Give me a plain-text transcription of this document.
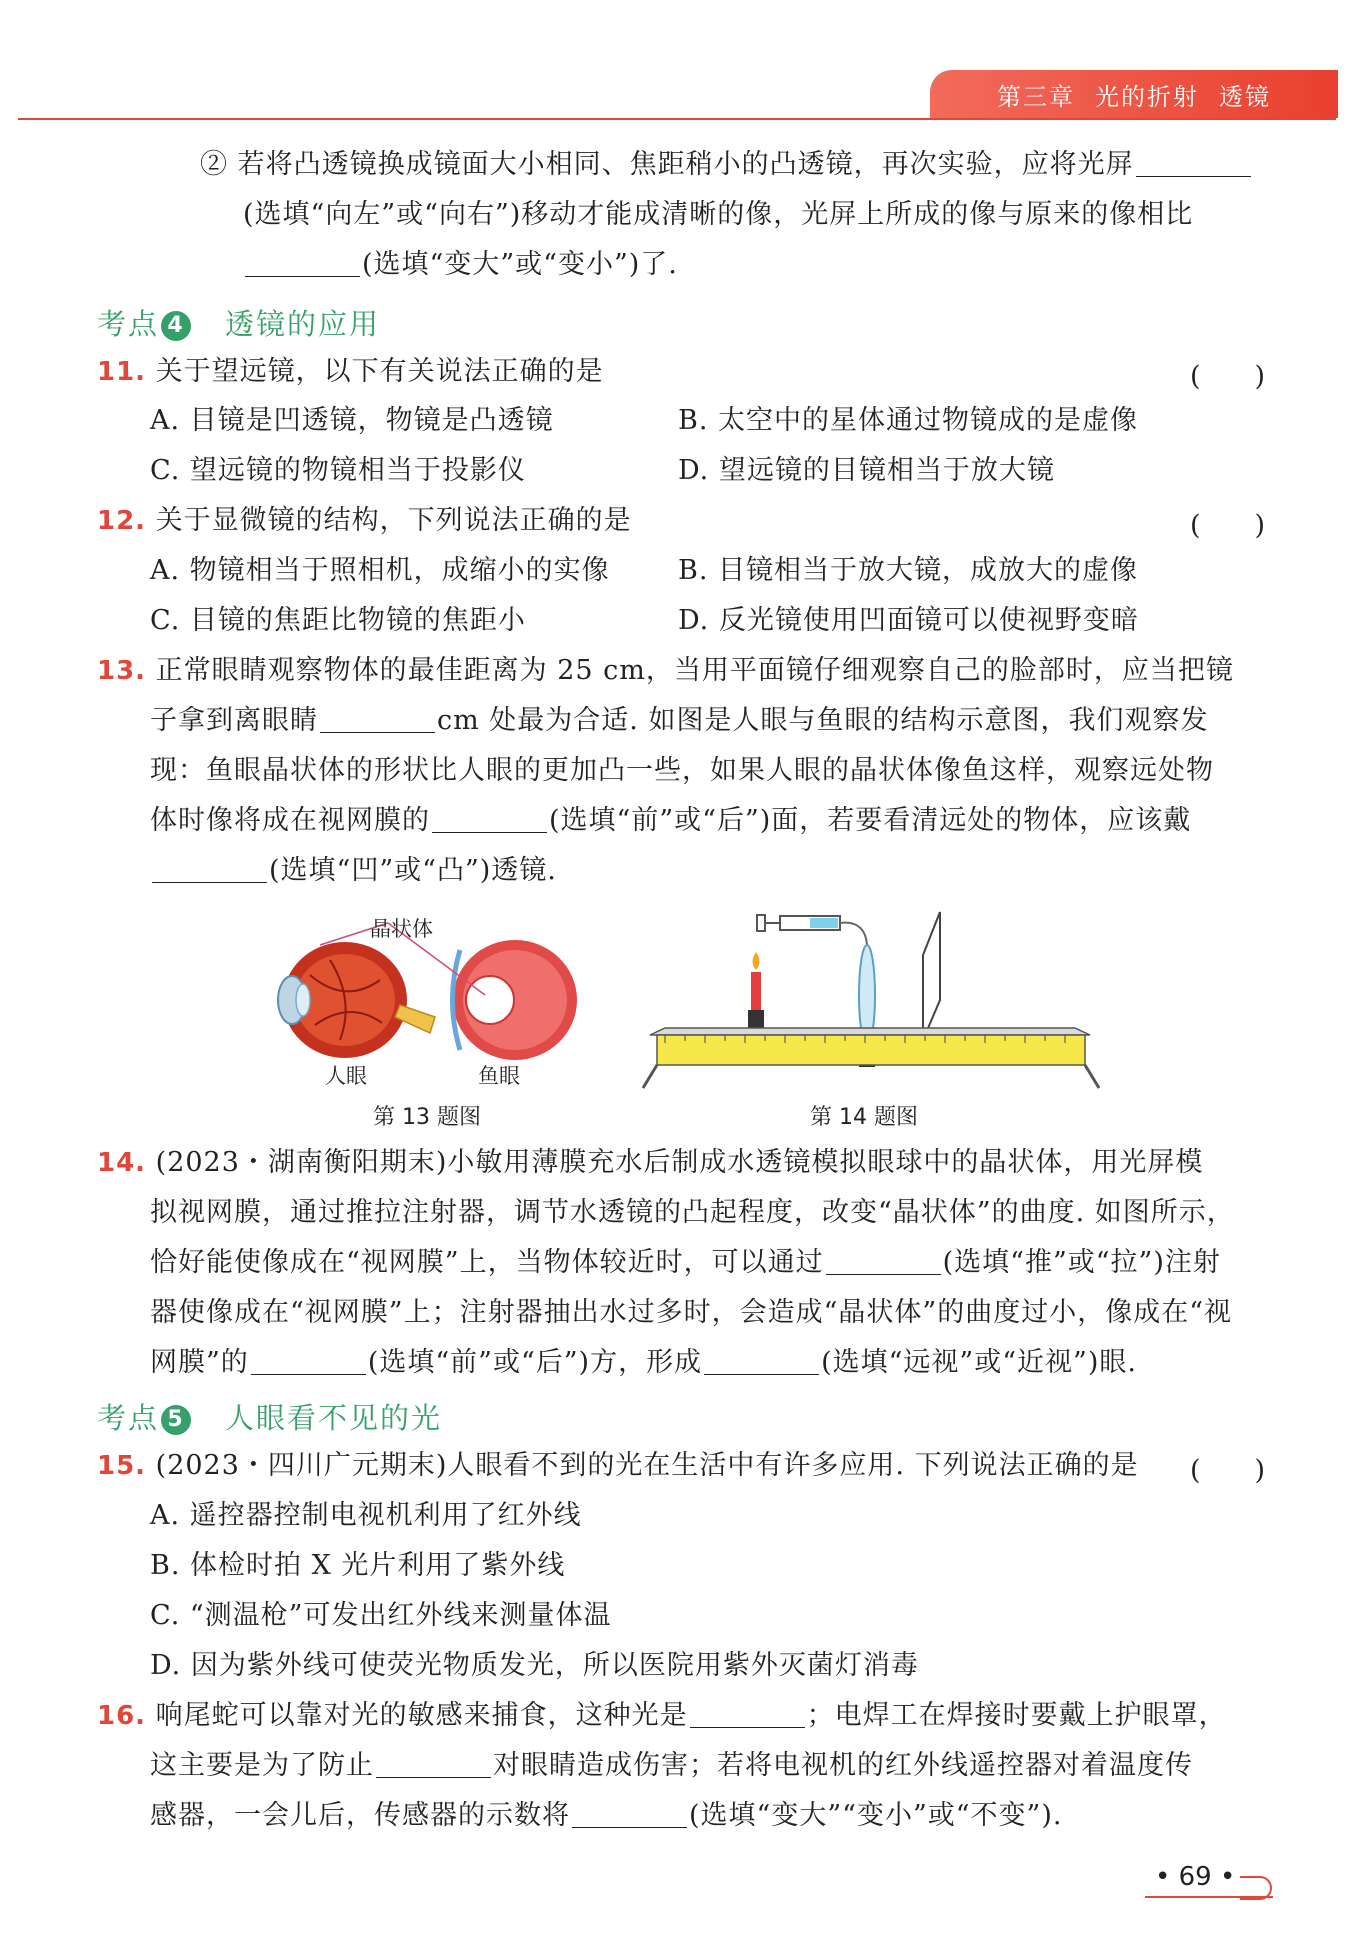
第三章 光的折射 透镜
② 若将凸透镜换成镜面大小相同、焦距稍小的凸透镜，再次实验，应将光屏
(选填“向左”或“向右”)移动才能成清晰的像，光屏上所成的像与原来的像相比
(选填“变大”或“变小”)了.
考点 4 透镜的应用
11. 关于望远镜，以下有关说法正确的是	(　　)
A. 目镜是凹透镜，物镜是凸透镜	B. 太空中的星体通过物镜成的是虚像
C. 望远镜的物镜相当于投影仪	D. 望远镜的目镜相当于放大镜
12. 关于显微镜的结构，下列说法正确的是	(　　)
A. 物镜相当于照相机，成缩小的实像	B. 目镜相当于放大镜，成放大的虚像
C. 目镜的焦距比物镜的焦距小	D. 反光镜使用凹面镜可以使视野变暗
13. 正常眼睛观察物体的最佳距离为 25 cm，当用平面镜仔细观察自己的脸部时，应当把镜
子拿到离眼睛	cm 处最为合适. 如图是人眼与鱼眼的结构示意图，我们观察发
现：鱼眼晶状体的形状比人眼的更加凸一些，如果人眼的晶状体像鱼这样，观察远处物
体时像将成在视网膜的	(选填“前”或“后”)面，若要看清远处的物体，应该戴
(选填“凹”或“凸”)透镜.
晶状体
人眼	鱼眼
第 13 题图	第 14 题图
14. (2023・湖南衡阳期末)小敏用薄膜充水后制成水透镜模拟眼球中的晶状体，用光屏模
拟视网膜，通过推拉注射器，调节水透镜的凸起程度，改变“晶状体”的曲度. 如图所示，
恰好能使像成在“视网膜”上，当物体较近时，可以通过	(选填“推”或“拉”)注射
器使像成在“视网膜”上；注射器抽出水过多时，会造成“晶状体”的曲度过小，像成在“视
网膜”的	(选填“前”或“后”)方，形成	(选填“远视”或“近视”)眼.
考点 5 人眼看不见的光
15. (2023・四川广元期末)人眼看不到的光在生活中有许多应用. 下列说法正确的是 (　　)
A. 遥控器控制电视机利用了红外线
B. 体检时拍 X 光片利用了紫外线
C. “测温枪”可发出红外线来测量体温
D. 因为紫外线可使荧光物质发光，所以医院用紫外灭菌灯消毒
16. 响尾蛇可以靠对光的敏感来捕食，这种光是	；电焊工在焊接时要戴上护眼罩，
这主要是为了防止	对眼睛造成伤害；若将电视机的红外线遥控器对着温度传
感器，一会儿后，传感器的示数将	(选填“变大”“变小”或“不变”).
• 69 •
